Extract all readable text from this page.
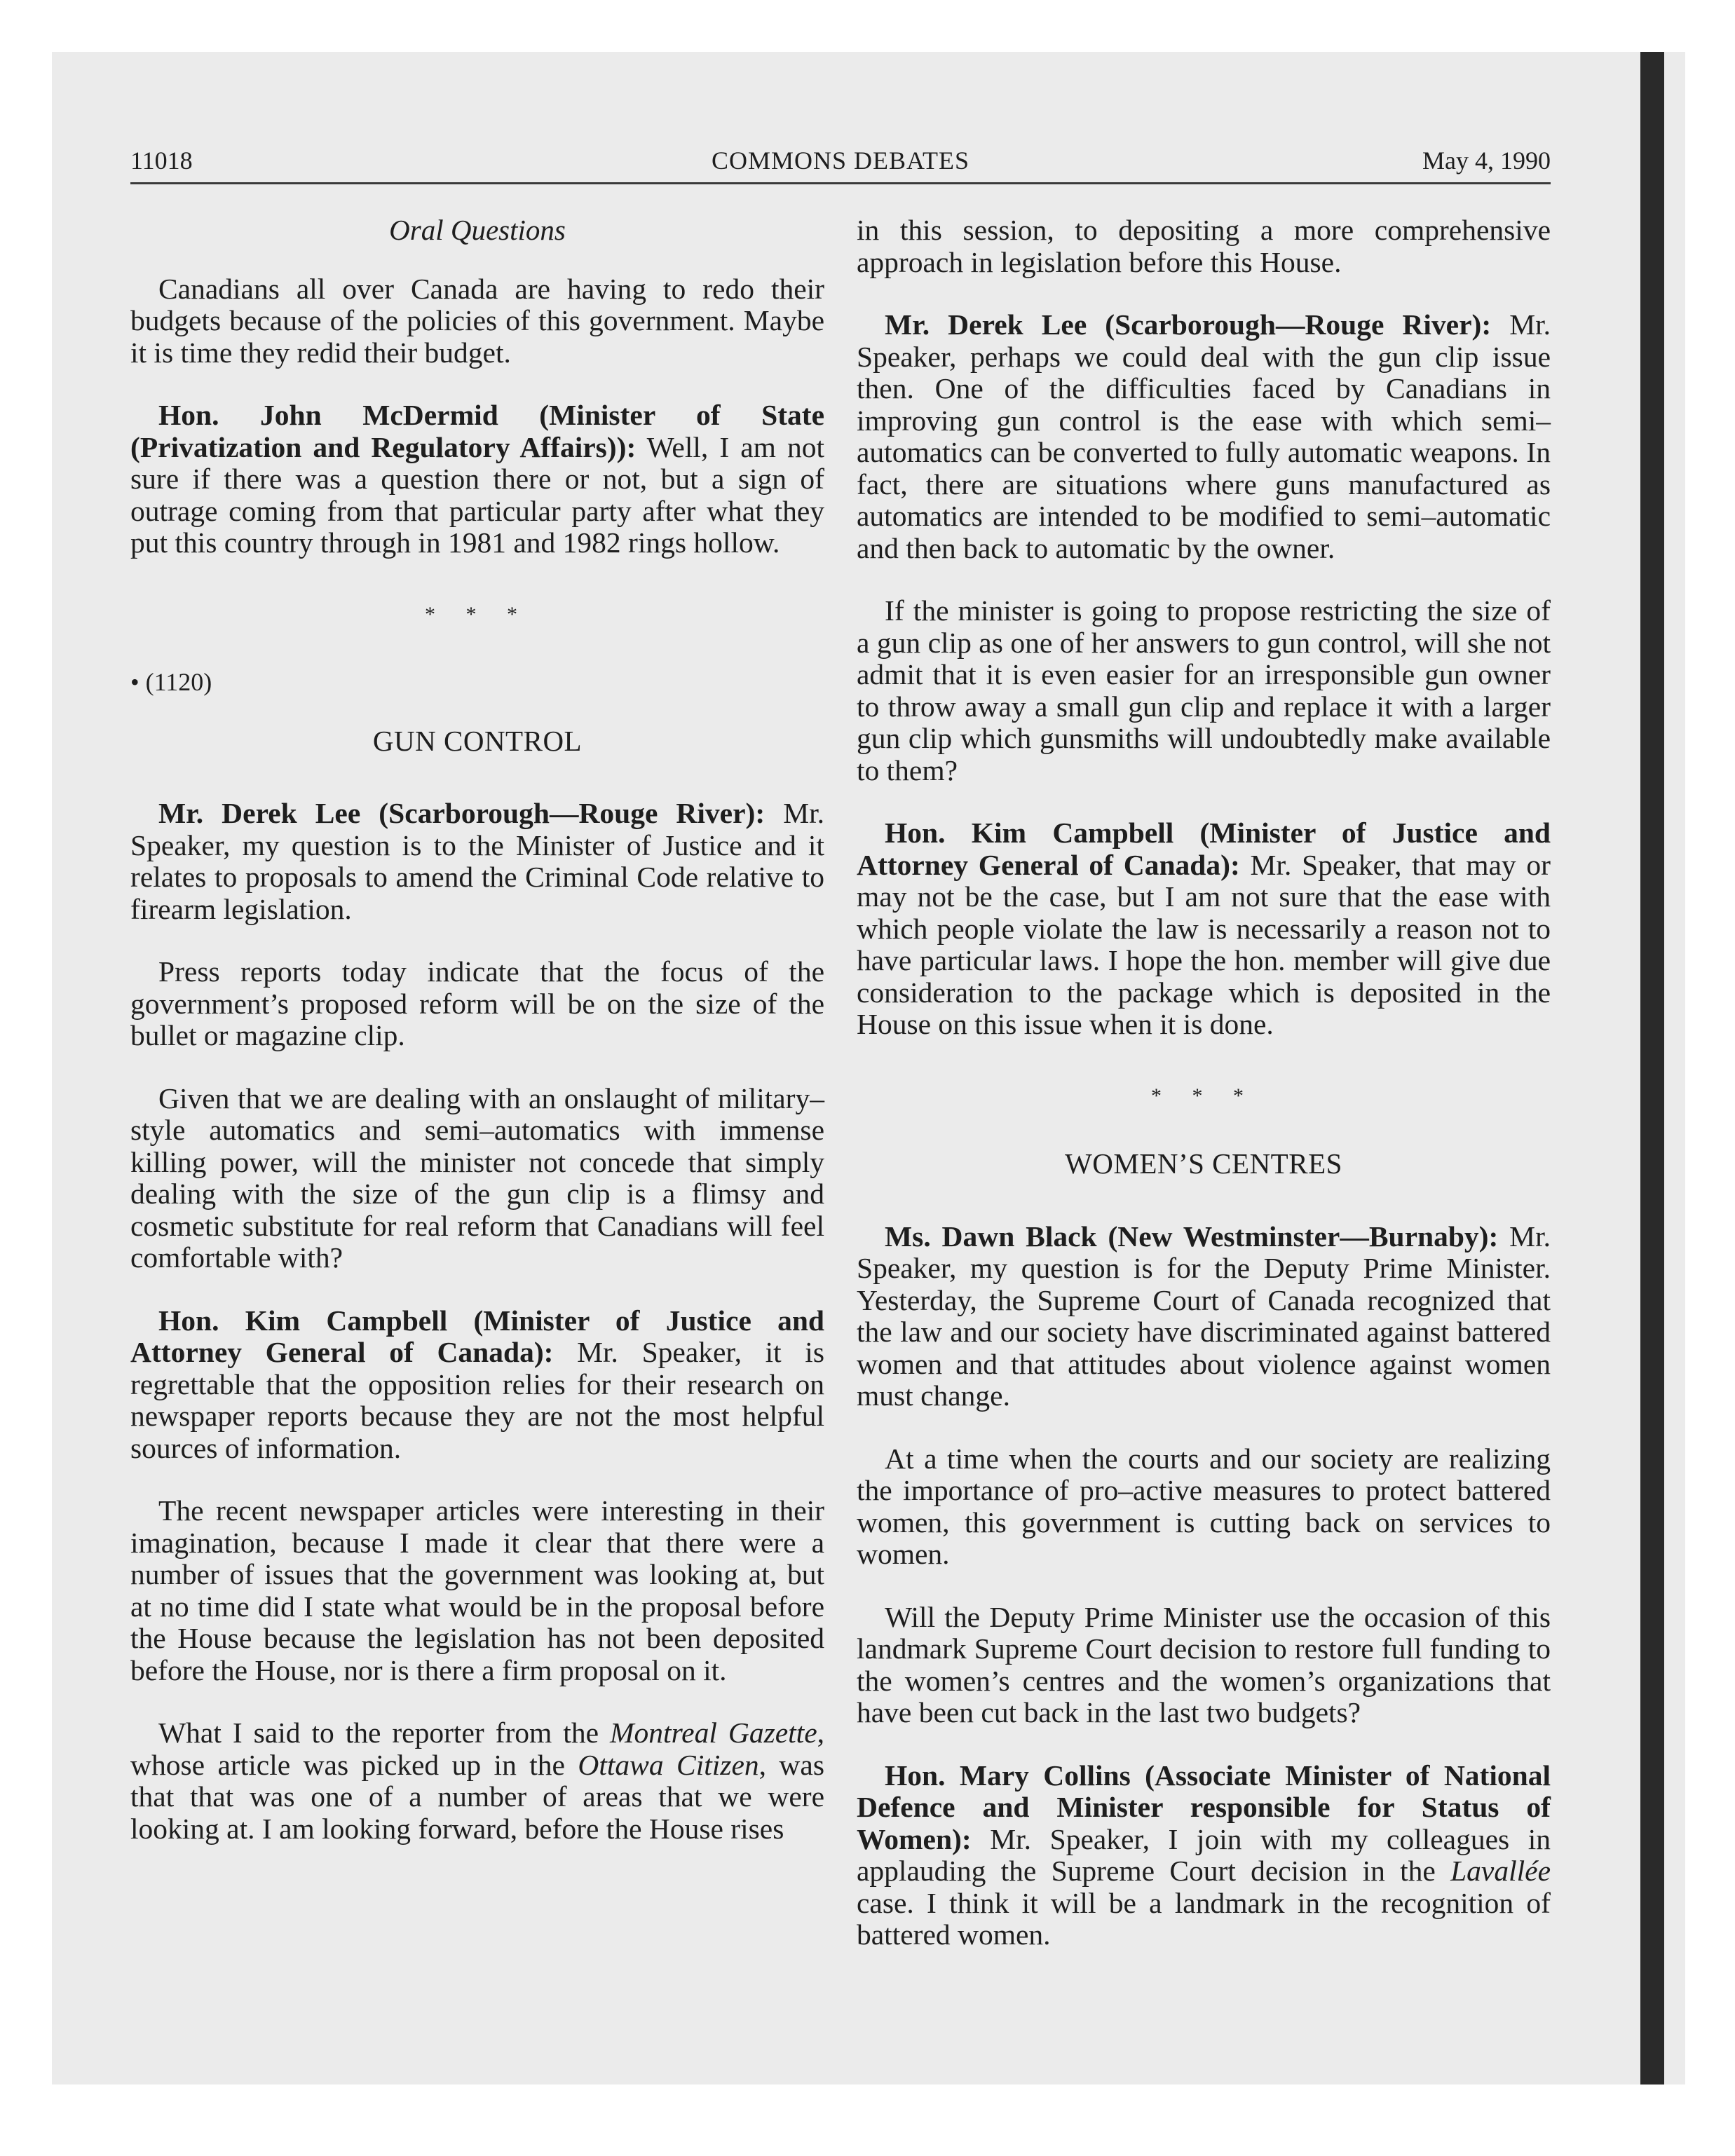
11018	COMMONS DEBATES	May 4, 1990
Oral Questions

Canadians all over Canada are having to redo their budgets because of the policies of this government. Maybe it is time they redid their budget.

Hon. John McDermid (Minister of State (Privatization and Regulatory Affairs)): Well, I am not sure if there was a question there or not, but a sign of outrage coming from that particular party after what they put this country through in 1981 and 1982 rings hollow.

* * *
• (1120)
GUN CONTROL

Mr. Derek Lee (Scarborough—Rouge River): Mr. Speaker, my question is to the Minister of Justice and it relates to proposals to amend the Criminal Code relative to firearm legislation.

Press reports today indicate that the focus of the government’s proposed reform will be on the size of the bullet or magazine clip.

Given that we are dealing with an onslaught of military–style automatics and semi–automatics with immense killing power, will the minister not concede that simply dealing with the size of the gun clip is a flimsy and cosmetic substitute for real reform that Canadians will feel comfortable with?

Hon. Kim Campbell (Minister of Justice and Attorney General of Canada): Mr. Speaker, it is regrettable that the opposition relies for their research on newspaper reports because they are not the most helpful sources of information.

The recent newspaper articles were interesting in their imagination, because I made it clear that there were a number of issues that the government was looking at, but at no time did I state what would be in the proposal before the House because the legislation has not been deposited before the House, nor is there a firm proposal on it.

What I said to the reporter from the Montreal Gazette, whose article was picked up in the Ottawa Citizen, was that that was one of a number of areas that we were looking at. I am looking forward, before the House rises

in this session, to depositing a more comprehensive approach in legislation before this House.

Mr. Derek Lee (Scarborough—Rouge River): Mr. Speaker, perhaps we could deal with the gun clip issue then. One of the difficulties faced by Canadians in improving gun control is the ease with which semi–automatics can be converted to fully automatic weapons. In fact, there are situations where guns manufactured as automatics are intended to be modified to semi–automatic and then back to automatic by the owner.

If the minister is going to propose restricting the size of a gun clip as one of her answers to gun control, will she not admit that it is even easier for an irresponsible gun owner to throw away a small gun clip and replace it with a larger gun clip which gunsmiths will undoubtedly make available to them?

Hon. Kim Campbell (Minister of Justice and Attorney General of Canada): Mr. Speaker, that may or may not be the case, but I am not sure that the ease with which people violate the law is necessarily a reason not to have particular laws. I hope the hon. member will give due consideration to the package which is deposited in the House on this issue when it is done.

* * *
WOMEN’S CENTRES

Ms. Dawn Black (New Westminster—Burnaby): Mr. Speaker, my question is for the Deputy Prime Minister. Yesterday, the Supreme Court of Canada recognized that the law and our society have discriminated against battered women and that attitudes about violence against women must change.

At a time when the courts and our society are realizing the importance of pro–active measures to protect battered women, this government is cutting back on services to women.

Will the Deputy Prime Minister use the occasion of this landmark Supreme Court decision to restore full funding to the women’s centres and the women’s organizations that have been cut back in the last two budgets?

Hon. Mary Collins (Associate Minister of National Defence and Minister responsible for Status of Women): Mr. Speaker, I join with my colleagues in applauding the Supreme Court decision in the Lavallée case. I think it will be a landmark in the recognition of battered women.
